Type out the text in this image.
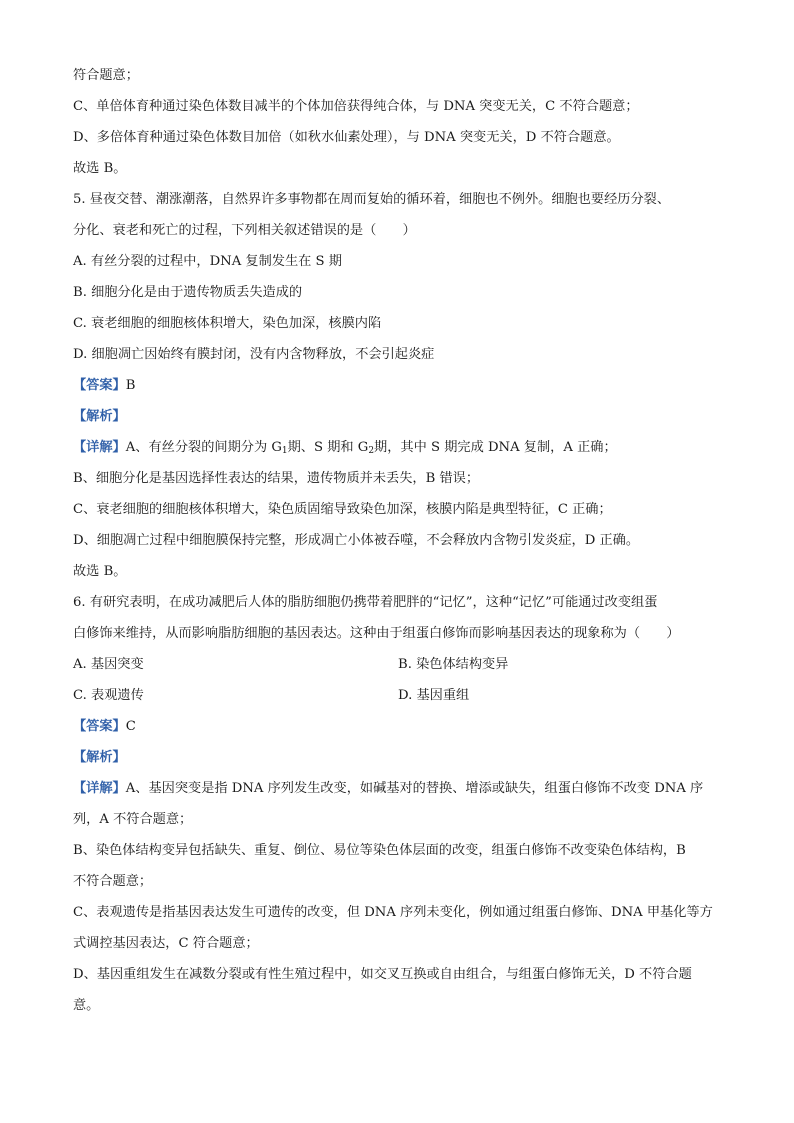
符合题意；
C、单倍体育种通过染色体数目减半的个体加倍获得纯合体，与 DNA 突变无关，C 不符合题意；
D、多倍体育种通过染色体数目加倍（如秋水仙素处理），与 DNA 突变无关，D 不符合题意。
故选 B。
5. 昼夜交替、潮涨潮落，自然界许多事物都在周而复始的循环着，细胞也不例外。细胞也要经历分裂、
分化、衰老和死亡的过程，下列相关叙述错误的是（　　）
A. 有丝分裂的过程中，DNA 复制发生在 S 期
B. 细胞分化是由于遗传物质丢失造成的
C. 衰老细胞的细胞核体积增大，染色加深，核膜内陷
D. 细胞凋亡因始终有膜封闭，没有内含物释放，不会引起炎症
【答案】B
【解析】
【详解】A、有丝分裂的间期分为 $G_1$期、S 期和 $G_2$期，其中 S 期完成 DNA 复制，A 正确；
B、细胞分化是基因选择性表达的结果，遗传物质并未丢失，B 错误；
C、衰老细胞的细胞核体积增大，染色质固缩导致染色加深，核膜内陷是典型特征，C 正确；
D、细胞凋亡过程中细胞膜保持完整，形成凋亡小体被吞噬，不会释放内含物引发炎症，D 正确。
故选 B。
6. 有研究表明，在成功减肥后人体的脂肪细胞仍携带着肥胖的“记忆”，这种“记忆”可能通过改变组蛋
白修饰来维持，从而影响脂肪细胞的基因表达。这种由于组蛋白修饰而影响基因表达的现象称为（　　）
A. 基因突变	B. 染色体结构变异
C. 表观遗传	D. 基因重组
【答案】C
【解析】
【详解】A、基因突变是指 DNA 序列发生改变，如碱基对的替换、增添或缺失，组蛋白修饰不改变 DNA 序
列，A 不符合题意；
B、染色体结构变异包括缺失、重复、倒位、易位等染色体层面的改变，组蛋白修饰不改变染色体结构，B
不符合题意；
C、表观遗传是指基因表达发生可遗传的改变，但 DNA 序列未变化，例如通过组蛋白修饰、DNA 甲基化等方
式调控基因表达，C 符合题意；
D、基因重组发生在减数分裂或有性生殖过程中，如交叉互换或自由组合，与组蛋白修饰无关，D 不符合题
意。
